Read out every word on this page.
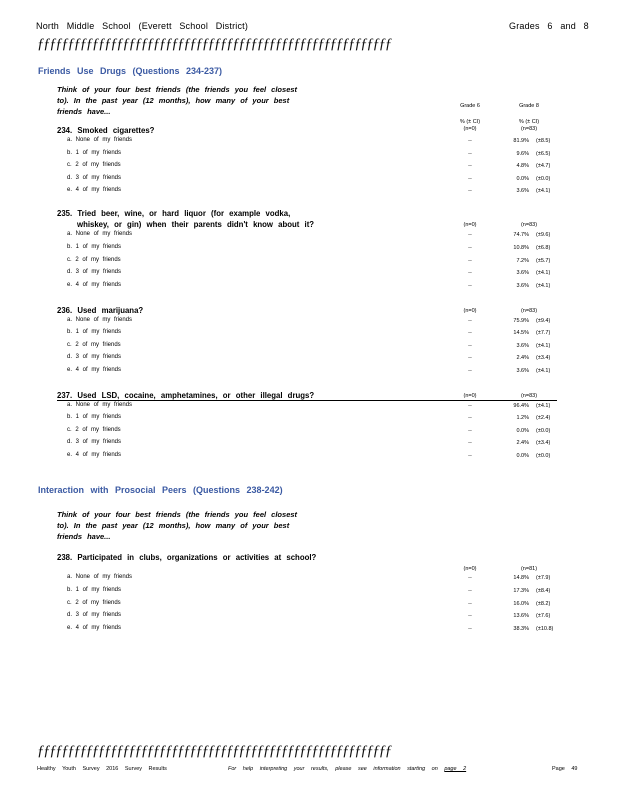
North Middle School (Everett School District)	Grades 6 and 8
ƒƒƒƒƒƒƒƒƒƒƒƒƒƒƒƒƒƒƒƒƒƒƒƒƒƒƒƒƒƒƒƒƒƒƒƒƒƒƒƒƒƒƒƒƒƒƒƒƒƒƒƒƒƒƒƒƒƒ
Friends Use Drugs (Questions 234-237)
Think of your four best friends (the friends you feel closest
to). In the past year (12 months), how many of your best
friends have...
Grade 6	Grade 8
% (± CI)	% (± CI)
234. Smoked cigarettes?	(n=0)	(n=83)
a. None of my friends	--	81.9% (±8.5)
b. 1 of my friends	--	9.6% (±6.5)
c. 2 of my friends	--	4.8% (±4.7)
d. 3 of my friends	--	0.0% (±0.0)
e. 4 of my friends	--	3.6% (±4.1)
235. Tried beer, wine, or hard liquor (for example vodka,
whiskey, or gin) when their parents didn't know about it?	(n=0)	(n=83)
a. None of my friends	--	74.7% (±9.6)
b. 1 of my friends	--	10.8% (±6.8)
c. 2 of my friends	--	7.2% (±5.7)
d. 3 of my friends	--	3.6% (±4.1)
e. 4 of my friends	--	3.6% (±4.1)
236. Used marijuana?	(n=0)	(n=83)
a. None of my friends	--	75.9% (±9.4)
b. 1 of my friends	--	14.5% (±7.7)
c. 2 of my friends	--	3.6% (±4.1)
d. 3 of my friends	--	2.4% (±3.4)
e. 4 of my friends	--	3.6% (±4.1)
237. Used LSD, cocaine, amphetamines, or other illegal drugs?	(n=0)	(n=83)
a. None of my friends	--	96.4% (±4.1)
b. 1 of my friends	--	1.2% (±2.4)
c. 2 of my friends	--	0.0% (±0.0)
d. 3 of my friends	--	2.4% (±3.4)
e. 4 of my friends	--	0.0% (±0.0)
Interaction with Prosocial Peers (Questions 238-242)
Think of your four best friends (the friends you feel closest
to). In the past year (12 months), how many of your best
friends have...
238. Participated in clubs, organizations or activities at school?
(n=0)	(n=81)
a. None of my friends	--	14.8% (±7.9)
b. 1 of my friends	--	17.3% (±8.4)
c. 2 of my friends	--	16.0% (±8.2)
d. 3 of my friends	--	13.6% (±7.6)
e. 4 of my friends	--	38.3% (±10.8)
ƒƒƒƒƒƒƒƒƒƒƒƒƒƒƒƒƒƒƒƒƒƒƒƒƒƒƒƒƒƒƒƒƒƒƒƒƒƒƒƒƒƒƒƒƒƒƒƒƒƒƒƒƒƒƒƒƒƒ
Healthy Youth Survey 2016 Survey Results	For help interpreting your results, please see information starting on page 2	Page 49
